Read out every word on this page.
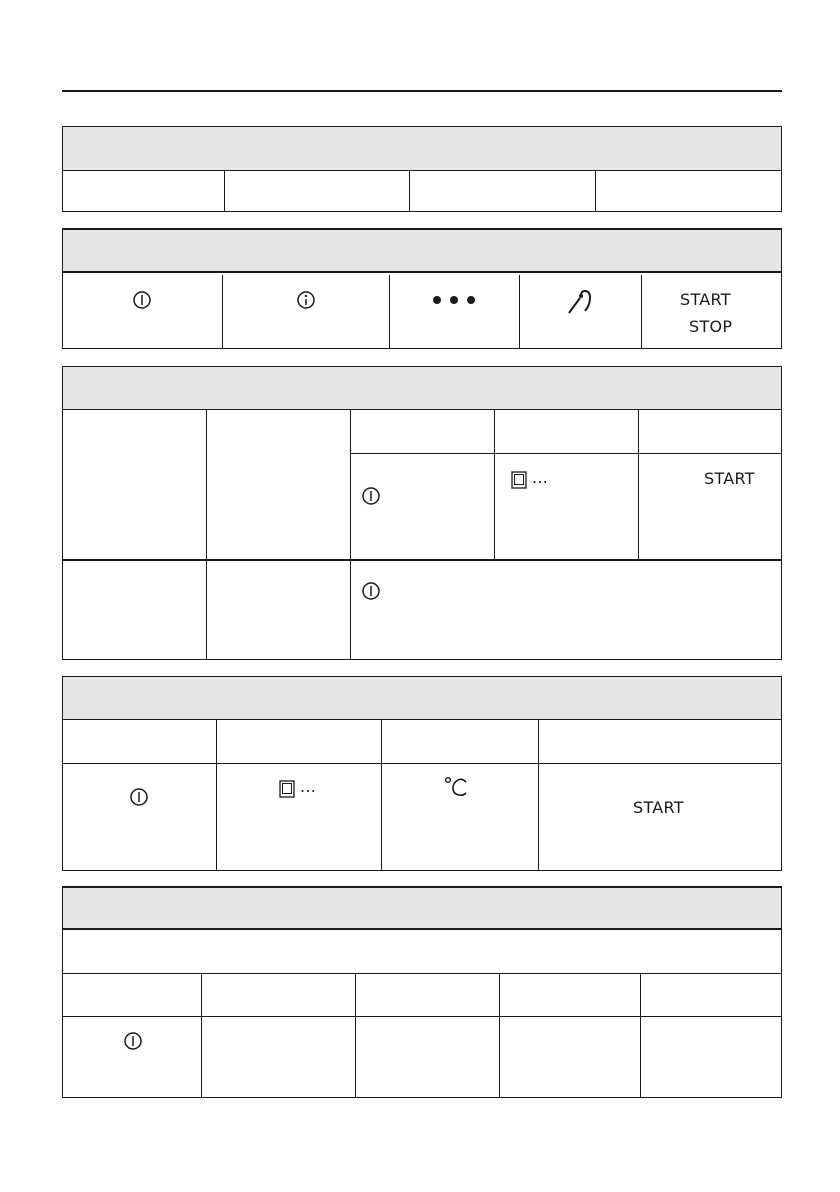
START
STOP
...	START
...
START
